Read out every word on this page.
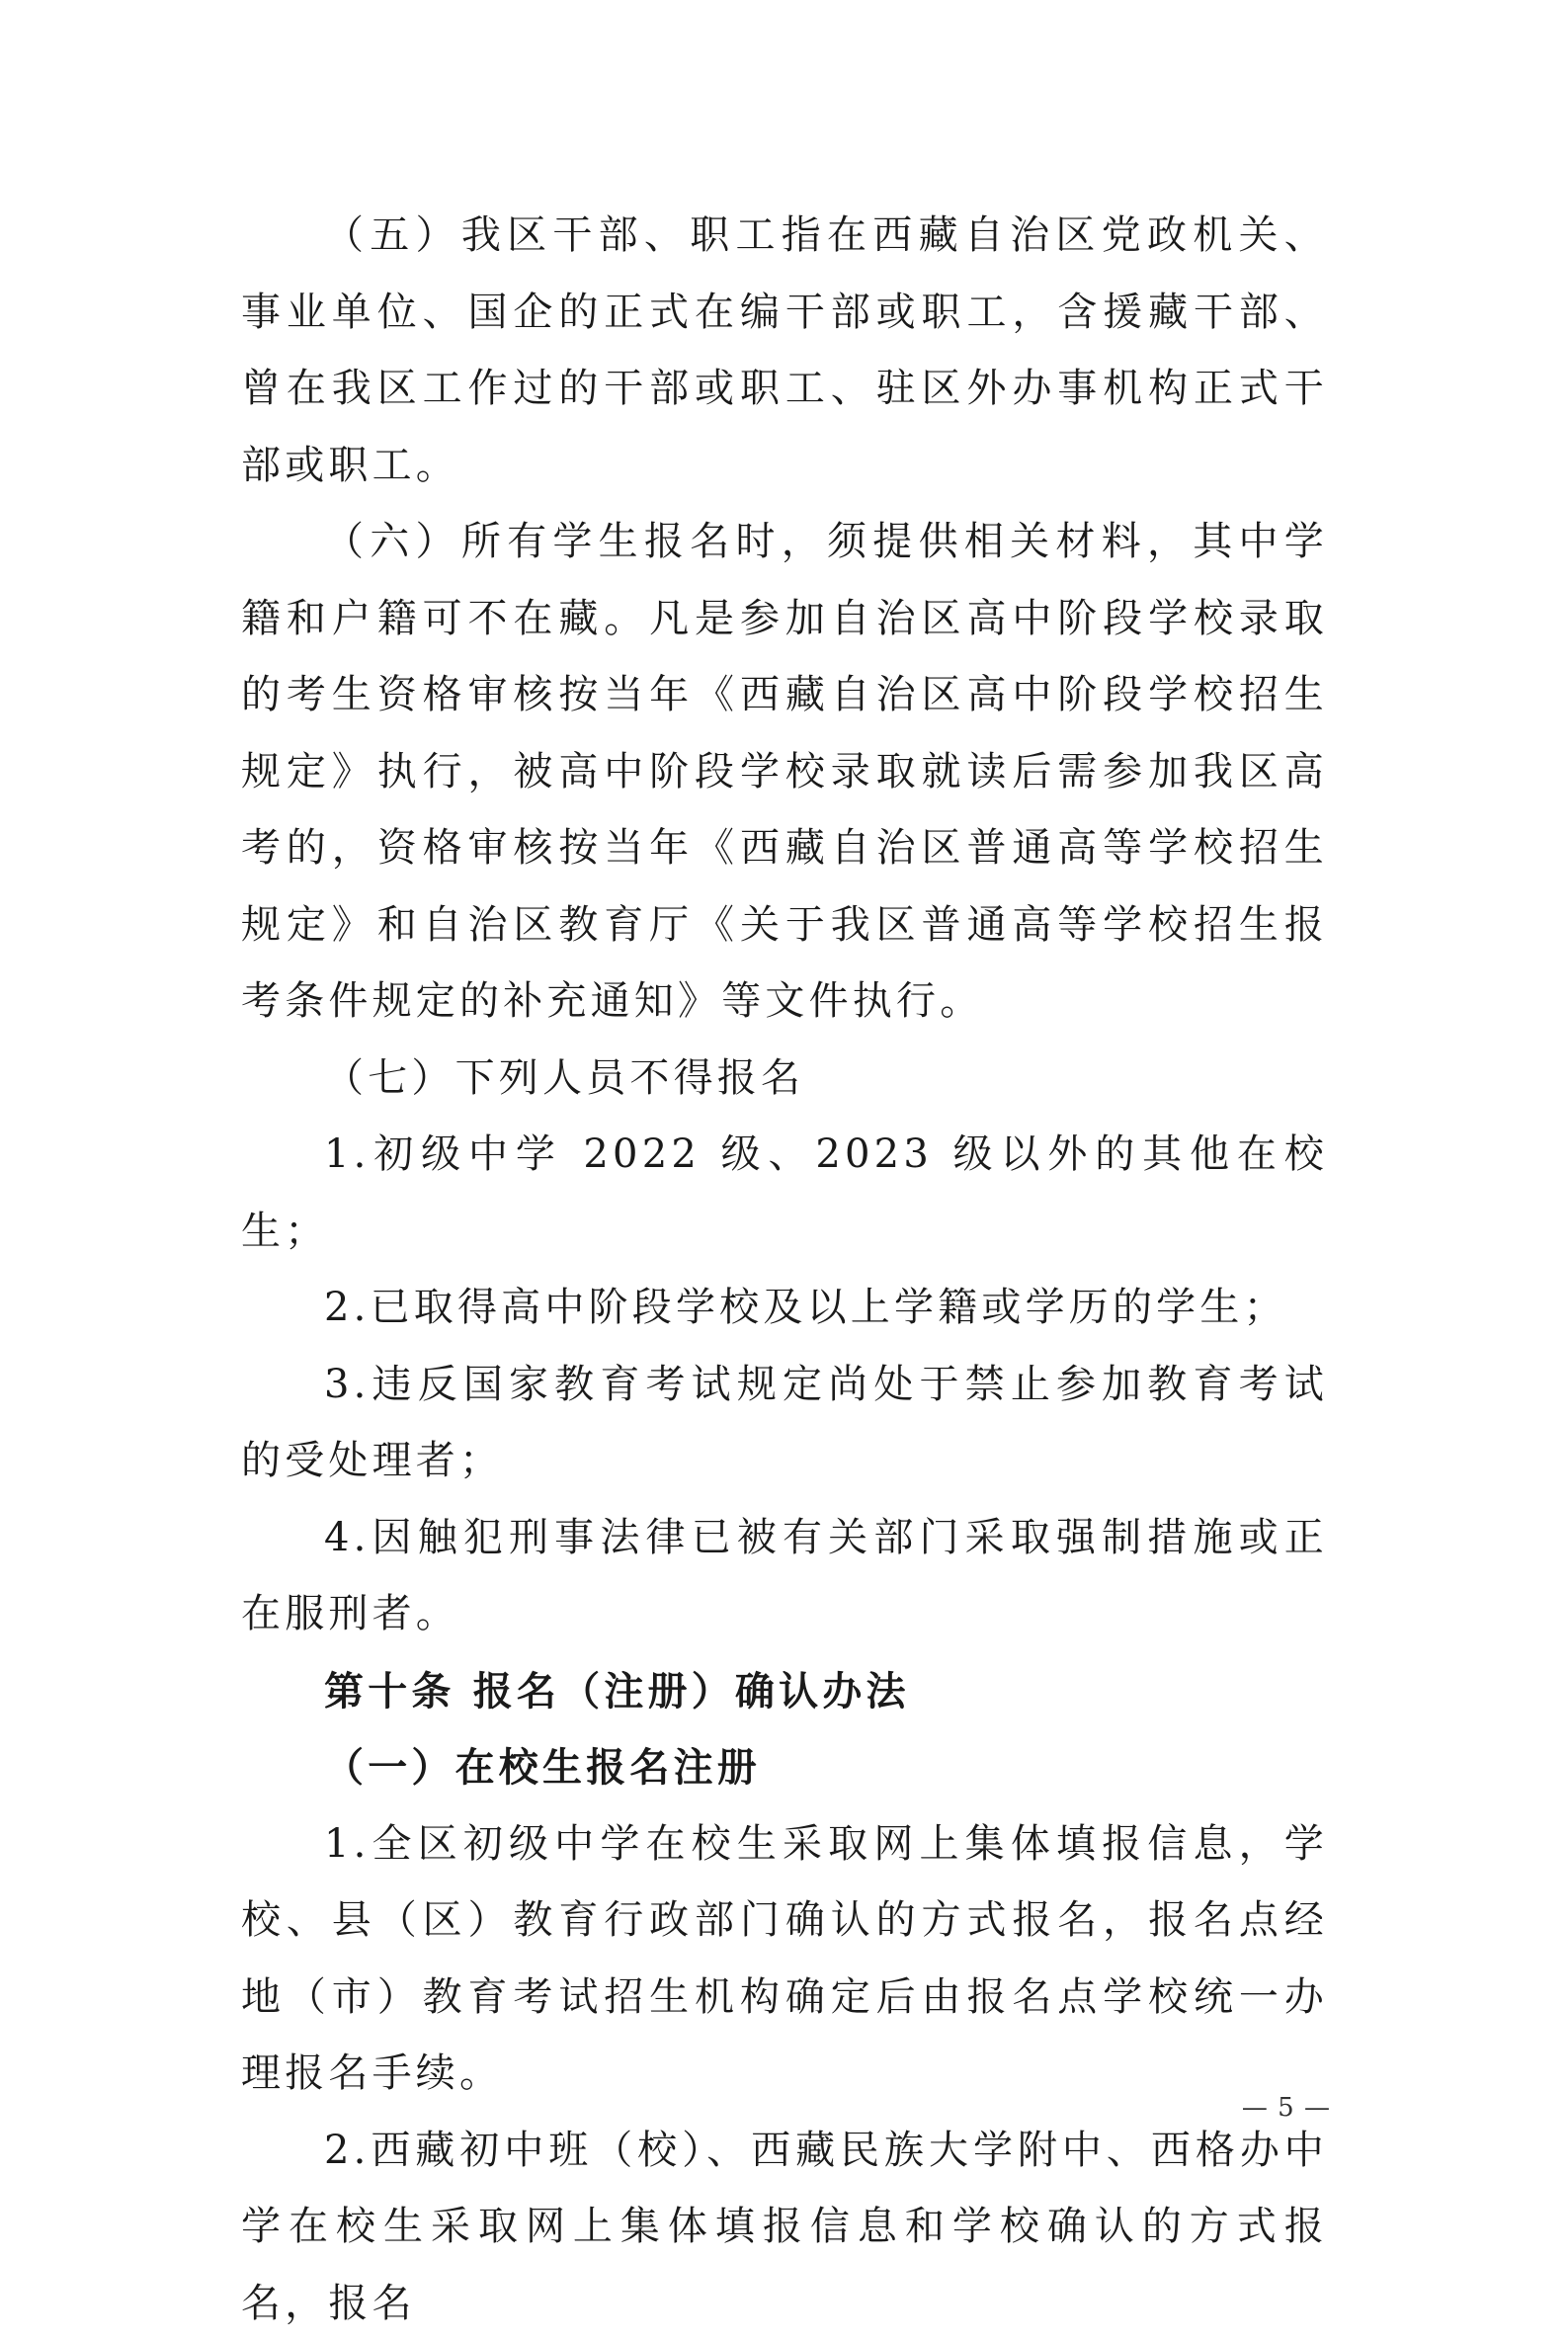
（五）我区干部、职工指在西藏自治区党政机关、事业单位、国企的正式在编干部或职工，含援藏干部、曾在我区工作过的干部或职工、驻区外办事机构正式干部或职工。

（六）所有学生报名时，须提供相关材料，其中学籍和户籍可不在藏。凡是参加自治区高中阶段学校录取的考生资格审核按当年《西藏自治区高中阶段学校招生规定》执行，被高中阶段学校录取就读后需参加我区高考的，资格审核按当年《西藏自治区普通高等学校招生规定》和自治区教育厅《关于我区普通高等学校招生报考条件规定的补充通知》等文件执行。

（七）下列人员不得报名

1.初级中学 2022 级、2023 级以外的其他在校生；

2.已取得高中阶段学校及以上学籍或学历的学生；

3.违反国家教育考试规定尚处于禁止参加教育考试的受处理者；

4.因触犯刑事法律已被有关部门采取强制措施或正在服刑者。

第十条 报名（注册）确认办法

（一）在校生报名注册

1.全区初级中学在校生采取网上集体填报信息，学校、县（区）教育行政部门确认的方式报名，报名点经地（市）教育考试招生机构确定后由报名点学校统一办理报名手续。

2.西藏初中班（校）、西藏民族大学附中、西格办中学在校生采取网上集体填报信息和学校确认的方式报名，报名

— 5 —
